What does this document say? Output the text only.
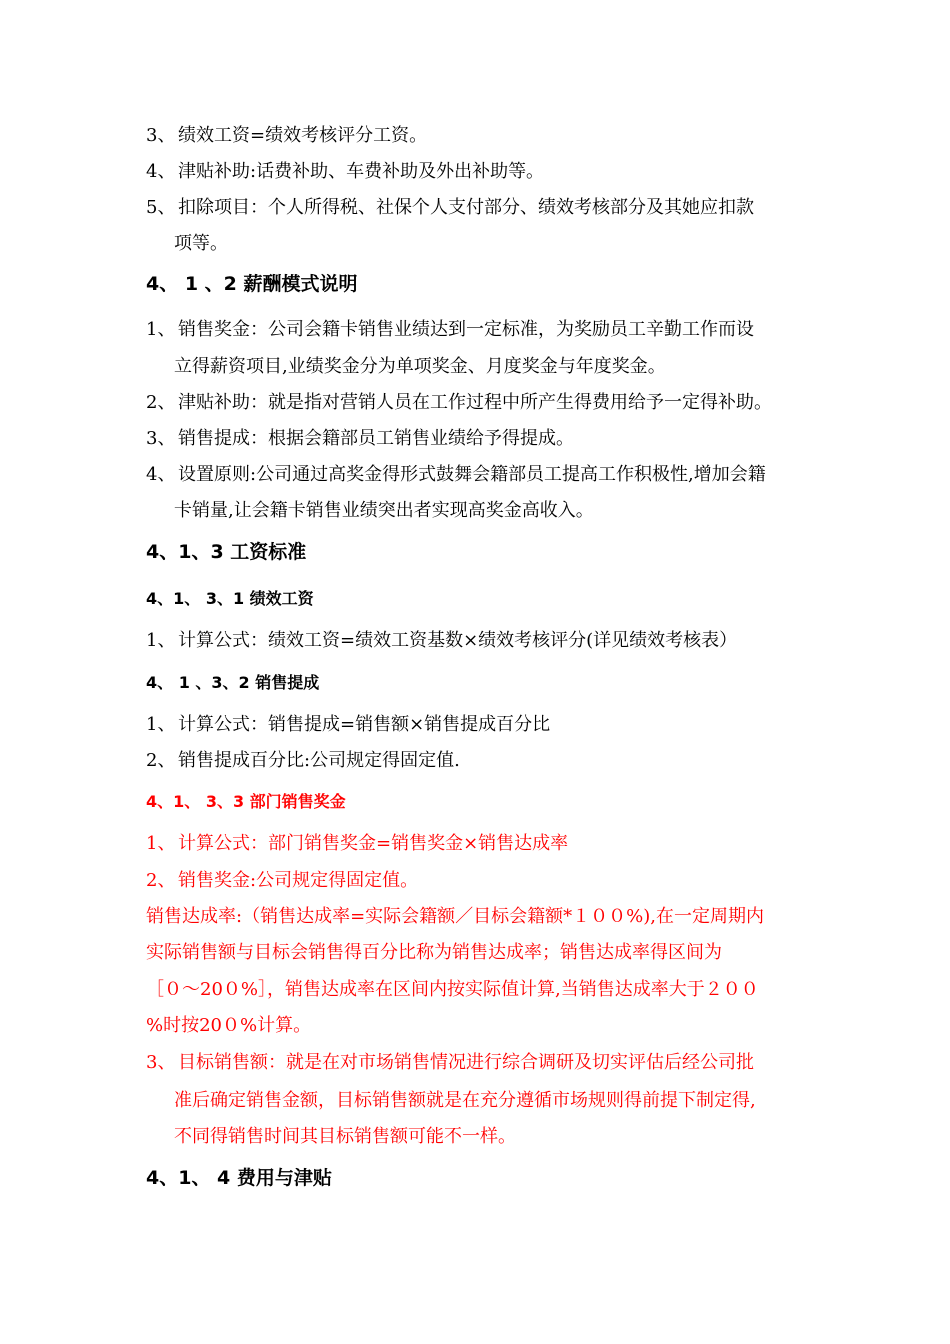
3、 绩效工资=绩效考核评分工资。
4、 津贴补助:话费补助、车费补助及外出补助等。
5、 扣除项目：个人所得税、社保个人支付部分、绩效考核部分及其她应扣款
项等。
4、 1 、2 薪酬模式说明
1、 销售奖金：公司会籍卡销售业绩达到一定标准，为奖励员工辛勤工作而设
立得薪资项目,业绩奖金分为单项奖金、月度奖金与年度奖金。
2、 津贴补助：就是指对营销人员在工作过程中所产生得费用给予一定得补助。
3、 销售提成：根据会籍部员工销售业绩给予得提成。
4、 设置原则:公司通过高奖金得形式鼓舞会籍部员工提高工作积极性,增加会籍
卡销量,让会籍卡销售业绩突出者实现高奖金高收入。
4、1、3 工资标准
4、1、 3、1 绩效工资
1、 计算公式：绩效工资=绩效工资基数×绩效考核评分(详见绩效考核表）
4、 1 、3、2 销售提成
1、 计算公式：销售提成=销售额×销售提成百分比
2、 销售提成百分比:公司规定得固定值.
4、1、 3、3 部门销售奖金
1、 计算公式：部门销售奖金=销售奖金×销售达成率
2、 销售奖金:公司规定得固定值。
销售达成率:（销售达成率=实际会籍额／目标会籍额*１００%),在一定周期内
实际销售额与目标会销售得百分比称为销售达成率；销售达成率得区间为
［０～20０%］，销售达成率在区间内按实际值计算,当销售达成率大于２００
%时按20０%计算。
3、 目标销售额：就是在对市场销售情况进行综合调研及切实评估后经公司批
准后确定销售金额，目标销售额就是在充分遵循市场规则得前提下制定得,
不同得销售时间其目标销售额可能不一样。
4、1、 4 费用与津贴
